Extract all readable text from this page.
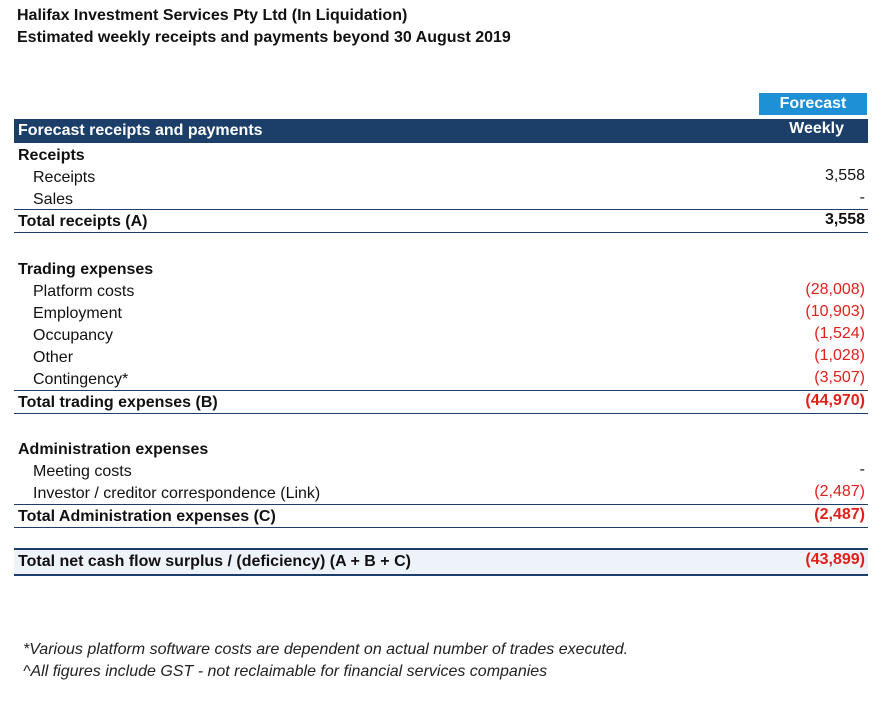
Halifax Investment Services Pty Ltd (In Liquidation)
Estimated weekly receipts and payments beyond 30 August 2019
Forecast
Forecast receipts and payments	Weekly
Receipts
Receipts	3,558
Sales	-
Total receipts (A)	3,558
Trading expenses
Platform costs	(28,008)
Employment	(10,903)
Occupancy	(1,524)
Other	(1,028)
Contingency*	(3,507)
Total trading expenses (B)	(44,970)
Administration expenses
Meeting costs	-
Investor / creditor correspondence (Link)	(2,487)
Total Administration expenses (C)	(2,487)
Total net cash flow surplus / (deficiency) (A + B + C)	(43,899)
*Various platform software costs are dependent on actual number of trades executed.
^All figures include GST - not reclaimable for financial services companies
